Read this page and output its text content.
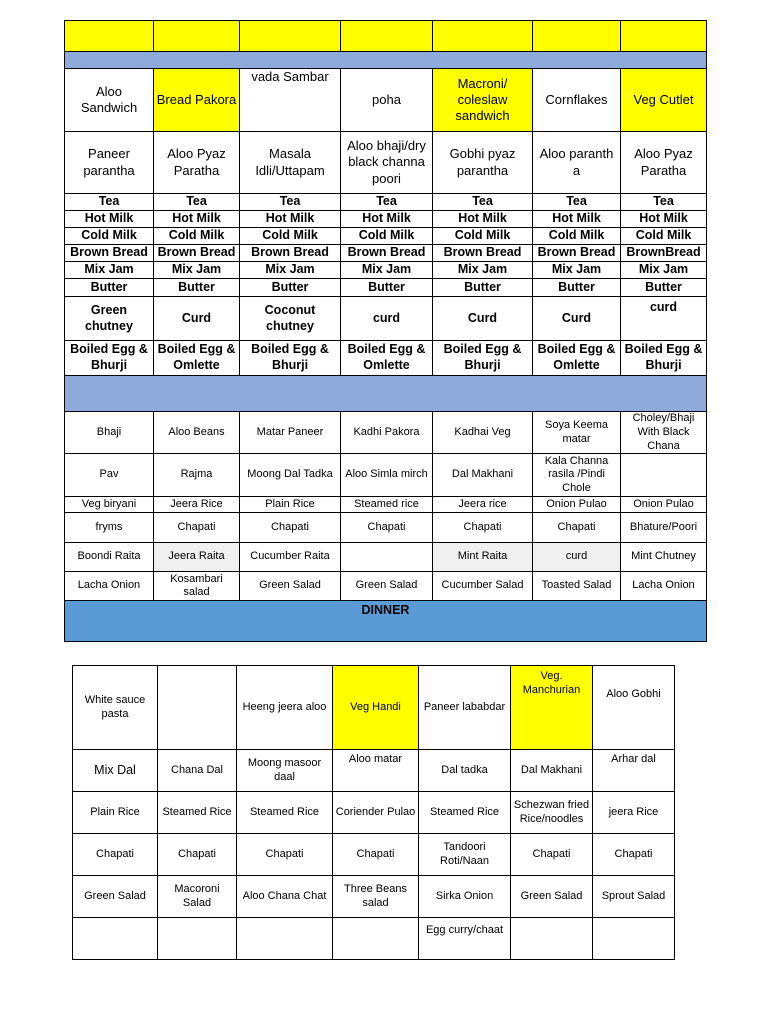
Aloo Sandwich	Bread Pakora	vada Sambar	poha	Macroni/ coleslaw sandwich	Cornflakes	Veg Cutlet
Paneer parantha	Aloo Pyaz Paratha	Masala Idli/Uttapam	Aloo bhaji/dry black channa poori	Gobhi pyaz parantha	Aloo paranth a	Aloo Pyaz Paratha
Tea	Tea	Tea	Tea	Tea	Tea	Tea
Hot Milk	Hot Milk	Hot Milk	Hot Milk	Hot Milk	Hot Milk	Hot Milk
Cold Milk	Cold Milk	Cold Milk	Cold Milk	Cold Milk	Cold Milk	Cold Milk
Brown Bread	Brown Bread	Brown Bread	Brown Bread	Brown Bread	Brown Bread	BrownBread
Mix Jam	Mix Jam	Mix Jam	Mix Jam	Mix Jam	Mix Jam	Mix Jam
Butter	Butter	Butter	Butter	Butter	Butter	Butter
Green chutney	Curd	Coconut chutney	curd	Curd	Curd	curd
Boiled Egg & Bhurji	Boiled Egg & Omlette	Boiled Egg & Bhurji	Boiled Egg & Omlette	Boiled Egg & Bhurji	Boiled Egg & Omlette	Boiled Egg & Bhurji

Bhaji	Aloo Beans	Matar Paneer	Kadhi Pakora	Kadhai Veg	Soya Keema matar	Choley/Bhaji With Black Chana
Pav	Rajma	Moong Dal Tadka	Aloo Simla mirch	Dal Makhani	Kala Channa rasila /Pindi Chole	
Veg biryani	Jeera Rice	Plain Rice	Steamed rice	Jeera rice	Onion Pulao	Onion Pulao
fryms	Chapati	Chapati	Chapati	Chapati	Chapati	Bhature/Poori
Boondi Raita	Jeera Raita	Cucumber Raita		Mint Raita	curd	Mint Chutney
Lacha Onion	Kosambari salad	Green Salad	Green Salad	Cucumber Salad	Toasted Salad	Lacha Onion
DINNER						
White sauce pasta		Heeng jeera aloo	Veg Handi	Paneer lababdar	Veg. Manchurian	Aloo Gobhi
Mix Dal	Chana Dal	Moong masoor daal	Aloo matar	Dal tadka	Dal Makhani	Arhar dal
Plain Rice	Steamed Rice	Steamed Rice	Coriender Pulao	Steamed Rice	Schezwan fried Rice/noodles	jeera Rice
Chapati	Chapati	Chapati	Chapati	Tandoori Roti/Naan	Chapati	Chapati
Green Salad	Macoroni Salad	Aloo Chana Chat	Three Beans salad	Sirka Onion	Green Salad	Sprout Salad
				Egg curry/chaat		
